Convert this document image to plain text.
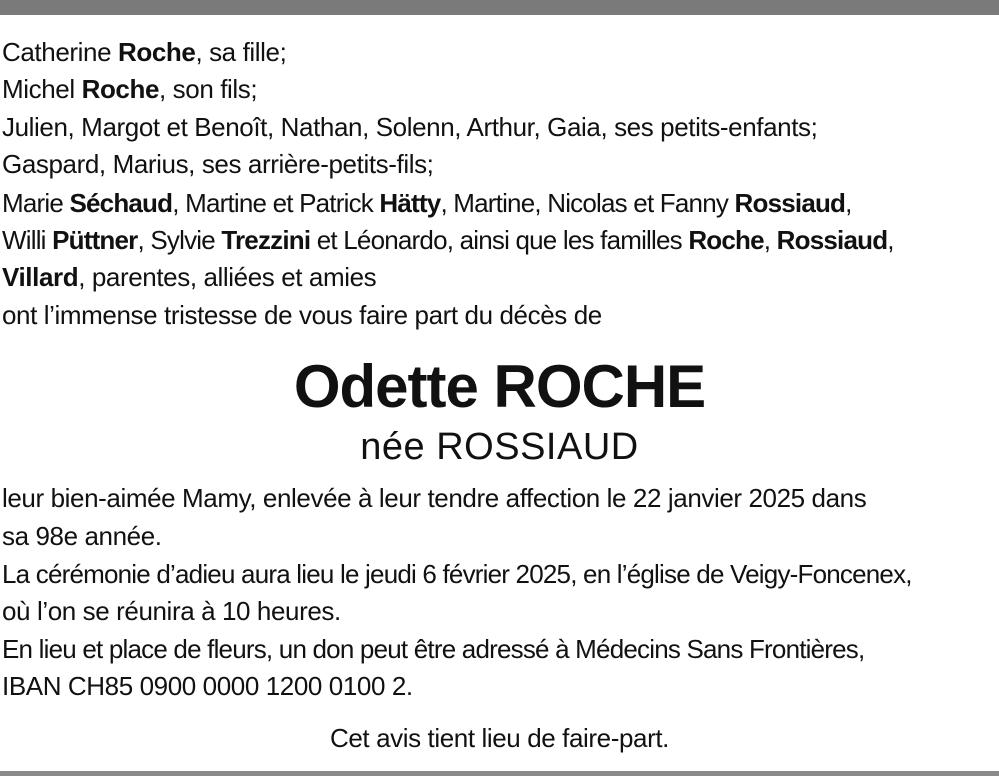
Catherine Roche, sa fille;
Michel Roche, son fils;
Julien, Margot et Benoît, Nathan, Solenn, Arthur, Gaia, ses petits-enfants;
Gaspard, Marius, ses arrière-petits-fils;
Marie Séchaud, Martine et Patrick Hätty, Martine, Nicolas et Fanny Rossiaud,
Willi Püttner, Sylvie Trezzini et Léonardo, ainsi que les familles Roche, Rossiaud,
Villard, parentes, alliées et amies
ont l’immense tristesse de vous faire part du décès de
Odette ROCHE
née ROSSIAUD
leur bien-aimée Mamy, enlevée à leur tendre affection le 22 janvier 2025 dans
sa 98e année.
La cérémonie d’adieu aura lieu le jeudi 6 février 2025, en l’église de Veigy-Foncenex,
où l’on se réunira à 10 heures.
En lieu et place de fleurs, un don peut être adressé à Médecins Sans Frontières,
IBAN CH85 0900 0000 1200 0100 2.
Cet avis tient lieu de faire-part.
